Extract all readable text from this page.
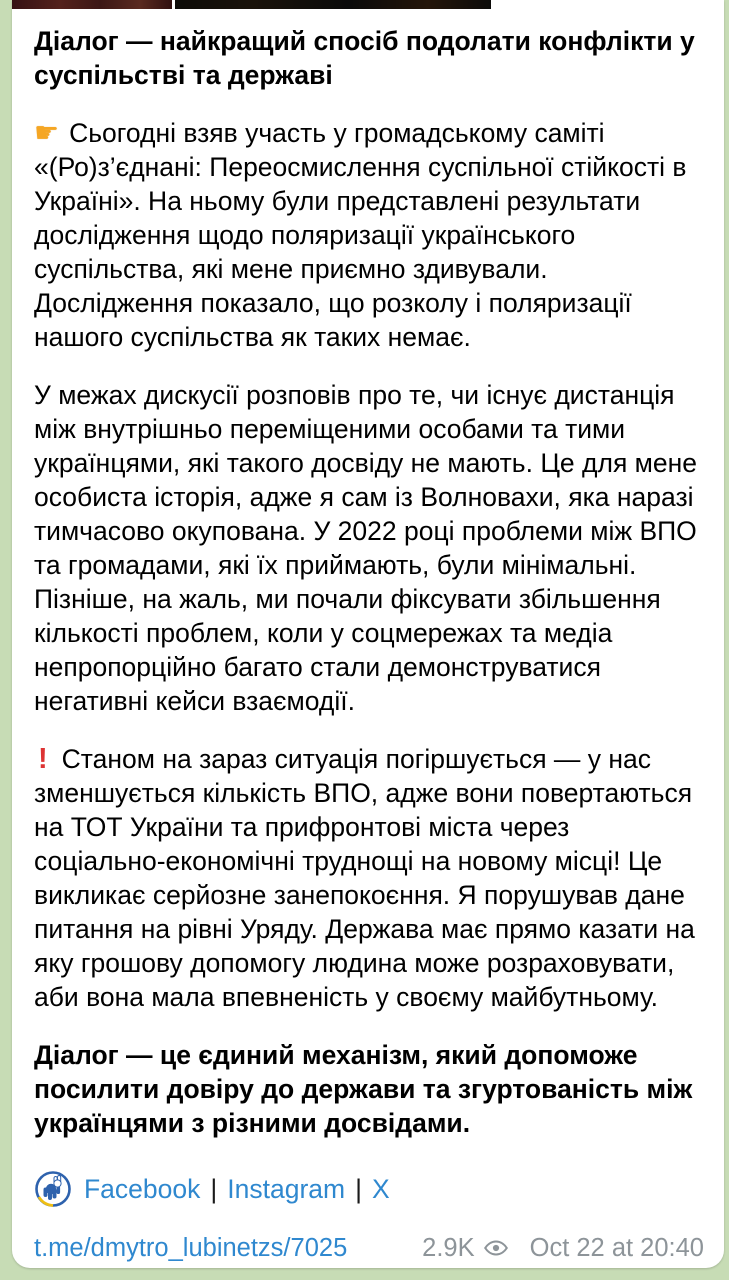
Діалог — найкращий спосіб подолати конфлікти у суспільстві та державі

☛ Сьогодні взяв участь у громадському саміті «(Ро)з’єднані: Переосмислення суспільної стійкості в Україні». На ньому були представлені результати дослідження щодо поляризації українського суспільства, які мене приємно здивували. Дослідження показало, що розколу і поляризації нашого суспільства як таких немає.

У межах дискусії розповів про те, чи існує дистанція між внутрішньо переміщеними особами та тими українцями, які такого досвіду не мають. Це для мене особиста історія, адже я сам із Волновахи, яка наразі тимчасово окупована. У 2022 році проблеми між ВПО та громадами, які їх приймають, були мінімальні. Пізніше, на жаль, ми почали фіксувати збільшення кількості проблем, коли у соцмережах та медіа непропорційно багато стали демонструватися негативні кейси взаємодії.

! Станом на зараз ситуація погіршується — у нас зменшується кількість ВПО, адже вони повертаються на ТОТ України та прифронтові міста через соціально-економічні труднощі на новому місці! Це викликає серйозне занепокоєння. Я порушував дане питання на рівні Уряду. Держава має прямо казати на яку грошову допомогу людина може розраховувати, аби вона мала впевненість у своєму майбутньому.

Діалог — це єдиний механізм, який допоможе посилити довіру до держави та згуртованість між українцями з різними досвідами.

Facebook | Instagram | X
t.me/dmytro_lubinetzs/7025	2.9K Oct 22 at 20:40
